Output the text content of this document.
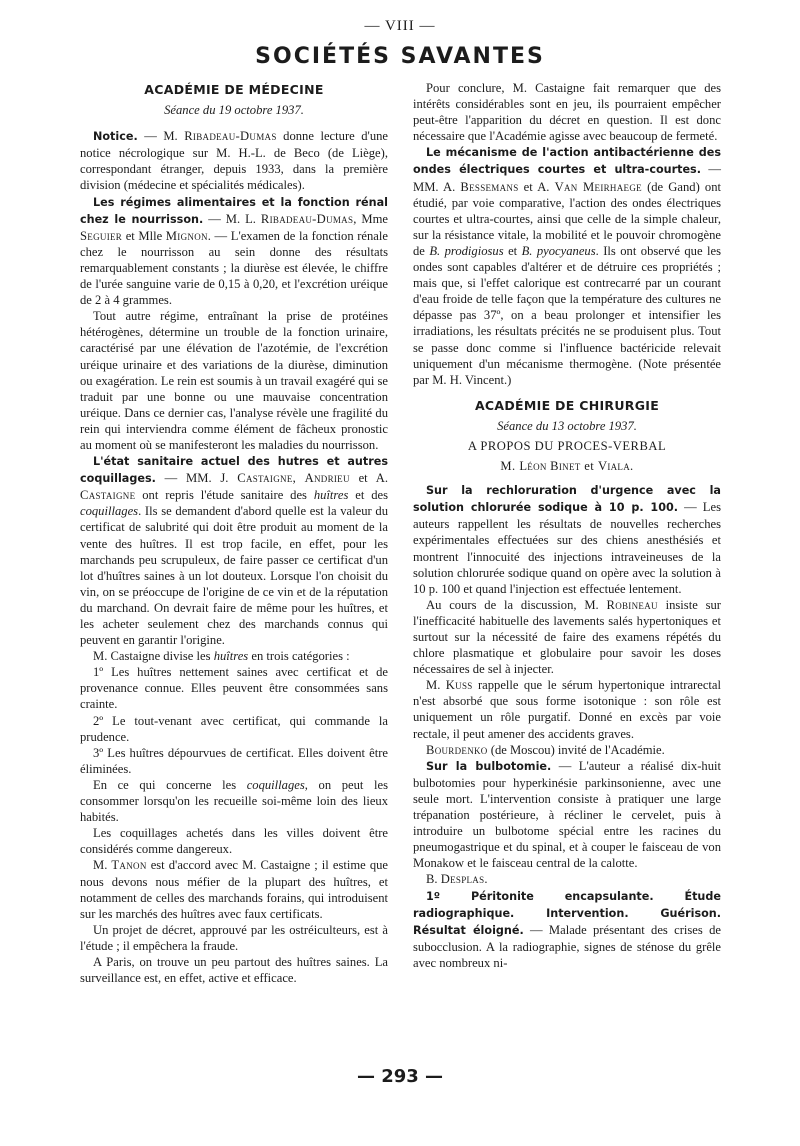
— VIII —
SOCIÉTÉS SAVANTES
ACADÉMIE DE MÉDECINE
Séance du 19 octobre 1937.

Notice. — M. Ribadeau-Dumas donne lecture d'une notice nécrologique sur M. H.-L. de Beco (de Liège), correspondant étranger, depuis 1933, dans la première division (médecine et spécialités médicales).

Les régimes alimentaires et la fonction rénal chez le nourrisson. — M. L. Ribadeau-Dumas, Mme Seguier et Mlle Mignon. — L'examen de la fonction rénale chez le nourrisson au sein donne des résultats remarquablement constants ; la diurèse est élevée, le chiffre de l'urée sanguine varie de 0,15 à 0,20, et l'excrétion uréique de 2 à 4 grammes.

Tout autre régime, entraînant la prise de protéines hétérogènes, détermine un trouble de la fonction urinaire, caractérisé par une élévation de l'azotémie, de l'excrétion uréique urinaire et des variations de la diurèse, diminution ou exagération. Le rein est soumis à un travail exagéré qui se traduit par une bonne ou une mauvaise concentration uréique. Dans ce dernier cas, l'analyse révèle une fragilité du rein qui interviendra comme élément de fâcheux pronostic au moment où se manifesteront les maladies du nourrisson.

L'état sanitaire actuel des hutres et autres coquillages. — MM. J. Castaigne, Andrieu et A. Castaigne ont repris l'étude sanitaire des huîtres et des coquillages. Ils se demandent d'abord quelle est la valeur du certificat de salubrité qui doit être produit au moment de la vente des huîtres. Il est trop facile, en effet, pour les marchands peu scrupuleux, de faire passer ce certificat d'un lot d'huîtres saines à un lot douteux. Lorsque l'on choisit du vin, on se préoccupe de l'origine de ce vin et de la réputation du marchand. On devrait faire de même pour les huîtres, et les acheter seulement chez des marchands connus qui peuvent en garantir l'origine.

M. Castaigne divise les huîtres en trois catégories :

1º Les huîtres nettement saines avec certificat et de provenance connue. Elles peuvent être consommées sans crainte.

2º Le tout-venant avec certificat, qui commande la prudence.

3º Les huîtres dépourvues de certificat. Elles doivent être éliminées.

En ce qui concerne les coquillages, on peut les consommer lorsqu'on les recueille soi-même loin des lieux habités.

Les coquillages achetés dans les villes doivent être considérés comme dangereux.

M. Tanon est d'accord avec M. Castaigne ; il estime que nous devons nous méfier de la plupart des huîtres, et notamment de celles des marchands forains, qui introduisent sur les marchés des huîtres avec faux certificats.

Un projet de décret, approuvé par les ostréiculteurs, est à l'étude ; il empêchera la fraude.

A Paris, on trouve un peu partout des huîtres saines. La surveillance est, en effet, active et efficace.

Pour conclure, M. Castaigne fait remarquer que des intérêts considérables sont en jeu, ils pourraient empêcher peut-être l'apparition du décret en question. Il est donc nécessaire que l'Académie agisse avec beaucoup de fermeté.

Le mécanisme de l'action antibactérienne des ondes électriques courtes et ultra-courtes. — MM. A. Bessemans et A. Van Meirhaege (de Gand) ont étudié, par voie comparative, l'action des ondes électriques courtes et ultra-courtes, ainsi que celle de la simple chaleur, sur la résistance vitale, la mobilité et le pouvoir chromogène de B. prodigiosus et B. pyocyaneus. Ils ont observé que les ondes sont capables d'altérer et de détruire ces propriétés ; mais que, si l'effet calorique est contrecarré par un courant d'eau froide de telle façon que la température des cultures ne dépasse pas 37º, on a beau prolonger et intensifier les irradiations, les résultats précités ne se produisent plus. Tout se passe donc comme si l'influence bactéricide relevait uniquement d'un mécanisme thermogène. (Note présentée par M. H. Vincent.)

ACADÉMIE DE CHIRURGIE
Séance du 13 octobre 1937.
A PROPOS DU PROCES-VERBAL
M. Léon Binet et Viala.

Sur la rechloruration d'urgence avec la solution chlorurée sodique à 10 p. 100. — Les auteurs rappellent les résultats de nouvelles recherches expérimentales effectuées sur des chiens anesthésiés et montrent l'innocuité des injections intraveineuses de la solution chlorurée sodique quand on opère avec la solution à 10 p. 100 et quand l'injection est effectuée lentement.

Au cours de la discussion, M. Robineau insiste sur l'inefficacité habituelle des lavements salés hypertoniques et surtout sur la nécessité de faire des examens répétés du chlore plasmatique et globulaire pour savoir les doses nécessaires de sel à injecter.

M. Kuss rappelle que le sérum hypertonique intrarectal n'est absorbé que sous forme isotonique : son rôle est uniquement un rôle purgatif. Donné en excès par voie rectale, il peut amener des accidents graves.

Bourdenko (de Moscou) invité de l'Académie.

Sur la bulbotomie. — L'auteur a réalisé dix-huit bulbotomies pour hyperkinésie parkinsonienne, avec une seule mort. L'intervention consiste à pratiquer une large trépanation postérieure, à récliner le cervelet, puis à introduire un bulbotome spécial entre les racines du pneumogastrique et du spinal, et à couper le faisceau de von Monakow et le faisceau central de la calotte.

B. Desplas.

1º Péritonite encapsulante. Étude radiographique. Intervention. Guérison. Résultat éloigné. — Malade présentant des crises de subocclusion. A la radiographie, signes de sténose du grêle avec nombreux ni-

— 293 —
